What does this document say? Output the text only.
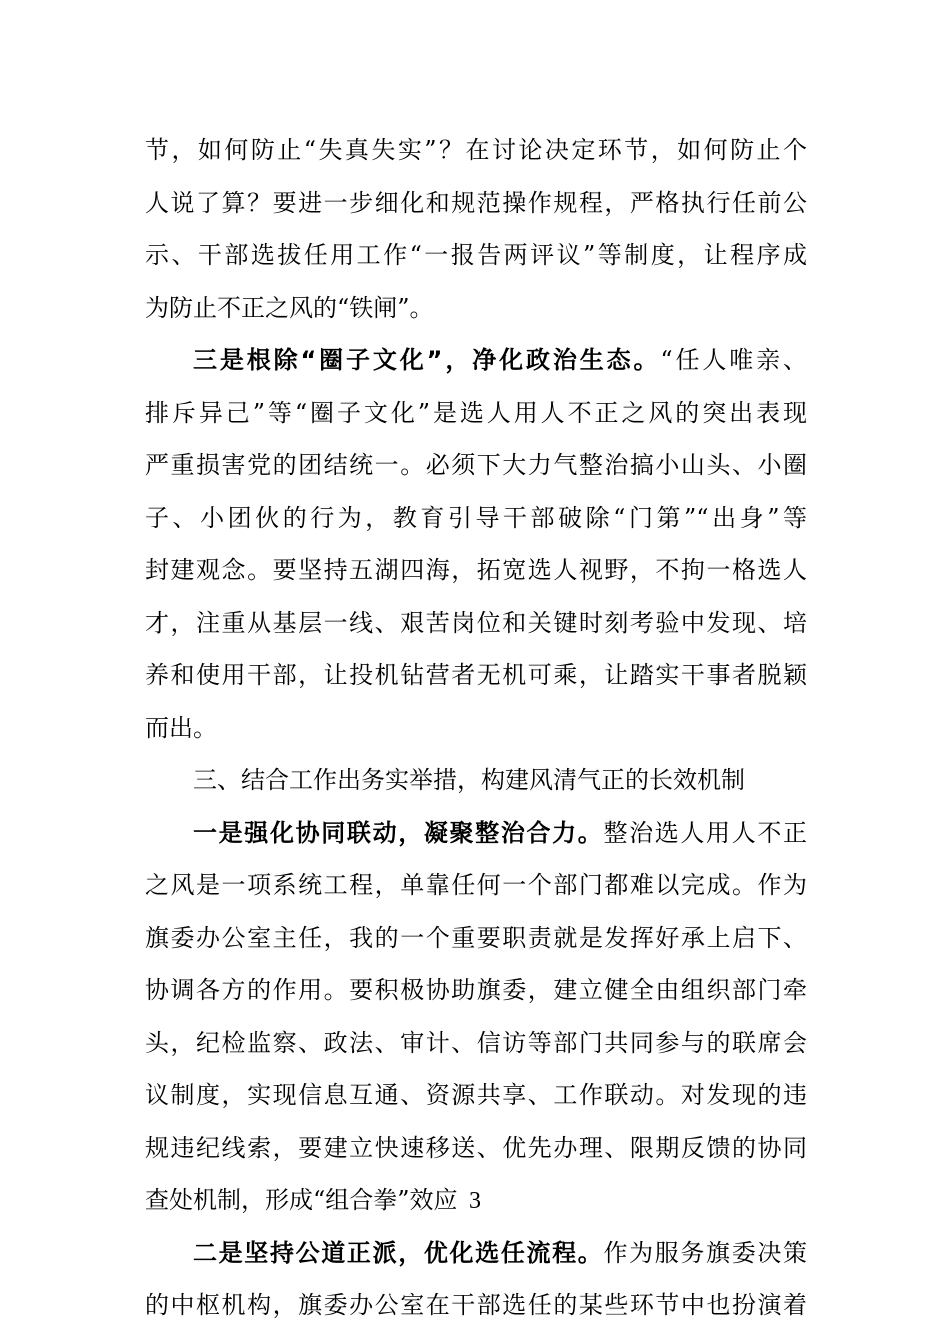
节，如何防止“失真失实”？在讨论决定环节，如何防止个
人说了算？要进一步细化和规范操作规程，严格执行任前公
示、干部选拔任用工作“一报告两评议”等制度，让程序成
为防止不正之风的“铁闸”。
三是根除“圈子文化”，净化政治生态。“任人唯亲、
排斥异己”等“圈子文化”是选人用人不正之风的突出表现
严重损害党的团结统一。必须下大力气整治搞小山头、小圈
子、小团伙的行为，教育引导干部破除“门第”“出身”等
封建观念。要坚持五湖四海，拓宽选人视野，不拘一格选人
才，注重从基层一线、艰苦岗位和关键时刻考验中发现、培
养和使用干部，让投机钻营者无机可乘，让踏实干事者脱颖
而出。
三、结合工作出务实举措，构建风清气正的长效机制
一是强化协同联动，凝聚整治合力。整治选人用人不正
之风是一项系统工程，单靠任何一个部门都难以完成。作为
旗委办公室主任，我的一个重要职责就是发挥好承上启下、
协调各方的作用。要积极协助旗委，建立健全由组织部门牵
头，纪检监察、政法、审计、信访等部门共同参与的联席会
议制度，实现信息互通、资源共享、工作联动。对发现的违
规违纪线索，要建立快速移送、优先办理、限期反馈的协同
查处机制，形成“组合拳”效应
二是坚持公道正派，优化选任流程。作为服务旗委决策
的中枢机构，旗委办公室在干部选任的某些环节中也扮演着
3
